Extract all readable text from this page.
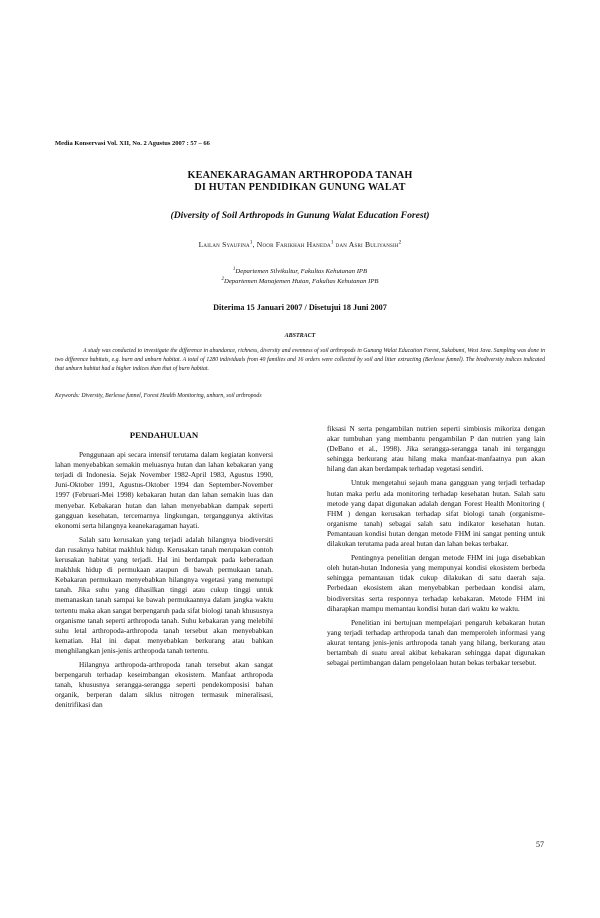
Media Konservasi Vol. XII, No. 2 Agustus 2007 : 57 – 66
KEANEKARAGAMAN ARTHROPODA TANAH
DI HUTAN PENDIDIKAN GUNUNG WALAT
(Diversity of Soil Arthropods in Gunung Walat Education Forest)
Lailan Syaufina$^1$, Noor Farikhah Haneda$^1$ dan Asri Buliyansih$^2$
$^1$Departemen Silvikultur, Fakultas Kehutanan IPB
$^2$Departemen Manajemen Hutan, Fakultas Kehutanan IPB
Diterima 15 Januari 2007 / Disetujui 18 Juni 2007
ABSTRACT
A study was conducted to investigate the difference in abundance, richness, diversity and evenness of soil arthropods in Gunung Walat Education Forest, Sukabumi, West Java. Sampling was done in two difference habitats, e.g. burn and unburn habitat. A total of 1280 individuals from 40 families and 16 orders were collected by soil and litter extracting (Berlesse funnel). The biodiversity indices indicated that unburn habitat had a higher indices than that of burn habitat.
Keywords: Diversity, Berlesse funnel, Forest Health Monitoring, unburn, soil arthropods
PENDAHULUAN

Penggunaan api secara intensif terutama dalam kegiatan konversi lahan menyebabkan semakin meluasnya hutan dan lahan kebakaran yang terjadi di Indonesia. Sejak November 1982-April 1983, Agustus 1990, Juni-Oktober 1991, Agustus-Oktober 1994 dan September-November 1997 (Februari-Mei 1998) kebakaran hutan dan lahan semakin luas dan menyebar. Kebakaran hutan dan lahan menyebabkan dampak seperti gangguan kesehatan, tercemarnya lingkungan, terganggunya aktivitas ekonomi serta hilangnya keanekaragaman hayati.

Salah satu kerusakan yang terjadi adalah hilangnya biodiversiti dan rusaknya habitat makhluk hidup. Kerusakan tanah merupakan contoh kerusakan habitat yang terjadi. Hal ini berdampak pada keberadaan makhluk hidup di permukaan ataupun di bawah permukaan tanah. Kebakaran permukaan menyebabkan hilangnya vegetasi yang menutupi tanah. Jika suhu yang dihasilkan tinggi atau cukup tinggi untuk memanaskan tanah sampai ke bawah permukaannya dalam jangka waktu tertentu maka akan sangat berpengaruh pada sifat biologi tanah khususnya organisme tanah seperti arthropoda tanah. Suhu kebakaran yang melebihi suhu letal arthropoda-arthropoda tanah tersebut akan menyebabkan kematian. Hal ini dapat menyebabkan berkurang atau bahkan menghilangkan jenis-jenis arthropoda tanah tertentu.

Hilangnya arthropoda-arthropoda tanah tersebut akan sangat berpengaruh terhadap keseimbangan ekosistem. Manfaat arthropoda tanah, khususnya serangga-serangga seperti pendekomposisi bahan organik, berperan dalam siklus nitrogen termasuk mineralisasi, denitrifikasi dan

fiksasi N serta pengambilan nutrien seperti simbiosis mikoriza dengan akar tumbuhan yang membantu pengambilan P dan nutrien yang lain (DeBano et al., 1998). Jika serangga-serangga tanah ini terganggu sehingga berkurang atau hilang maka manfaat-manfaatnya pun akan hilang dan akan berdampak terhadap vegetasi sendiri.

Untuk mengetahui sejauh mana gangguan yang terjadi terhadap hutan maka perlu ada monitoring terhadap kesehatan hutan. Salah satu metode yang dapat digunakan adalah dengan Forest Health Monitoring ( FHM ) dengan kerusakan terhadap sifat biologi tanah (organisme-organisme tanah) sebagai salah satu indikator kesehatan hutan. Pemantauan kondisi hutan dengan metode FHM ini sangat penting untuk dilakukan terutama pada areal hutan dan lahan bekas terbakar.

Pentingnya penelitian dengan metode FHM ini juga disebabkan oleh hutan-hutan Indonesia yang mempunyai kondisi ekosistem berbeda sehingga pemantauan tidak cukup dilakukan di satu daerah saja. Perbedaan ekosistem akan menyebabkan perbedaan kondisi alam, biodiversitas serta responnya terhadap kebakaran. Metode FHM ini diharapkan mampu memantau kondisi hutan dari waktu ke waktu.

Penelitian ini bertujuan mempelajari pengaruh kebakaran hutan yang terjadi terhadap arthropoda tanah dan memperoleh informasi yang akurat tentang jenis-jenis arthropoda tanah yang hilang, berkurang atau bertambah di suatu areal akibat kebakaran sehingga dapat digunakan sebagai pertimbangan dalam pengelolaan hutan bekas terbakar tersebut.

57
